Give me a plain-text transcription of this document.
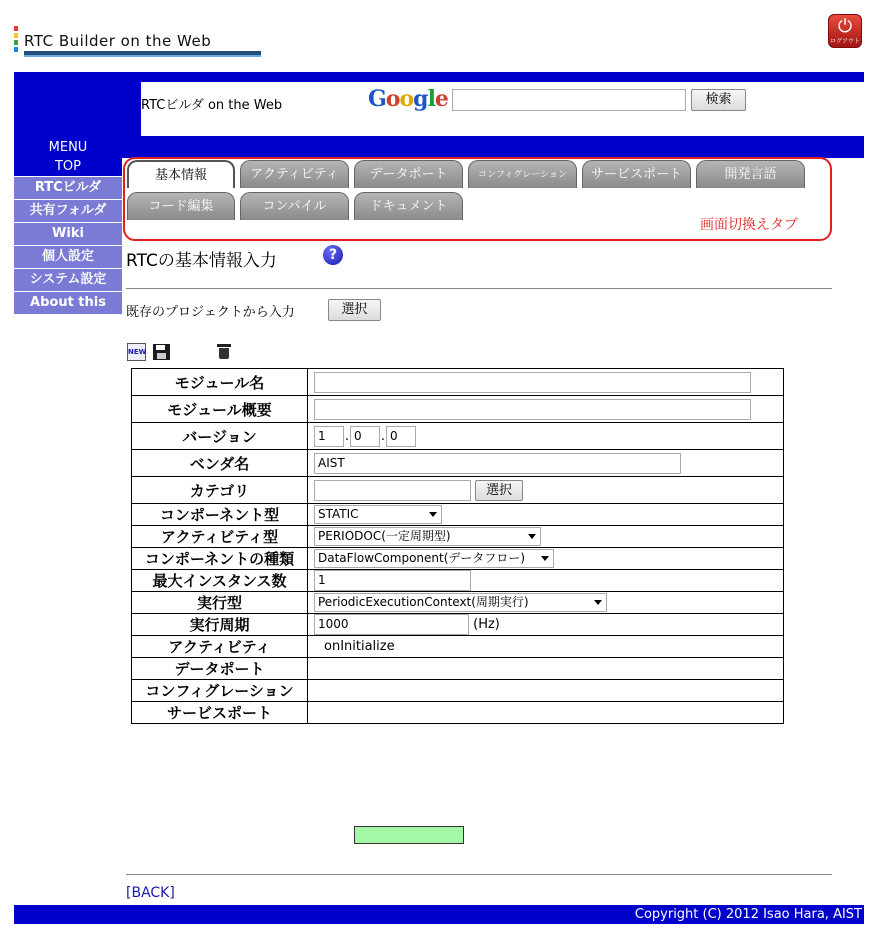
RTC Builder on the Web
⏻
ログアウト
RTCビルダ on the Web	Google	検索
MENU
TOP
RTCビルダ
共有フォルダ
Wiki
個人設定
システム設定
About this
基本情報	アクティビティ	データポート	コンフィグレーション	サービスポート	開発言語
コード編集	コンパイル	ドキュメント
画面切換えタブ
RTCの基本情報入力	?
既存のプロジェクトから入力	選択
NEW
モジュール名	
モジュール概要	
バージョン	1 . 0 . 0
ベンダ名	AIST
カテゴリ	選択
コンポーネント型	STATIC

アクティビティ型	PERIODOC(一定周期型)

コンポーネントの種類	DataFlowComponent(データフロー)

最大インスタンス数	1
実行型	PeriodicExecutionContext(周期実行)

実行周期	1000 (Hz)
アクティビティ	onInitialize
データポート	
コンフィグレーション	
サービスポート	
[BACK]
Copyright (C) 2012 Isao Hara, AIST
